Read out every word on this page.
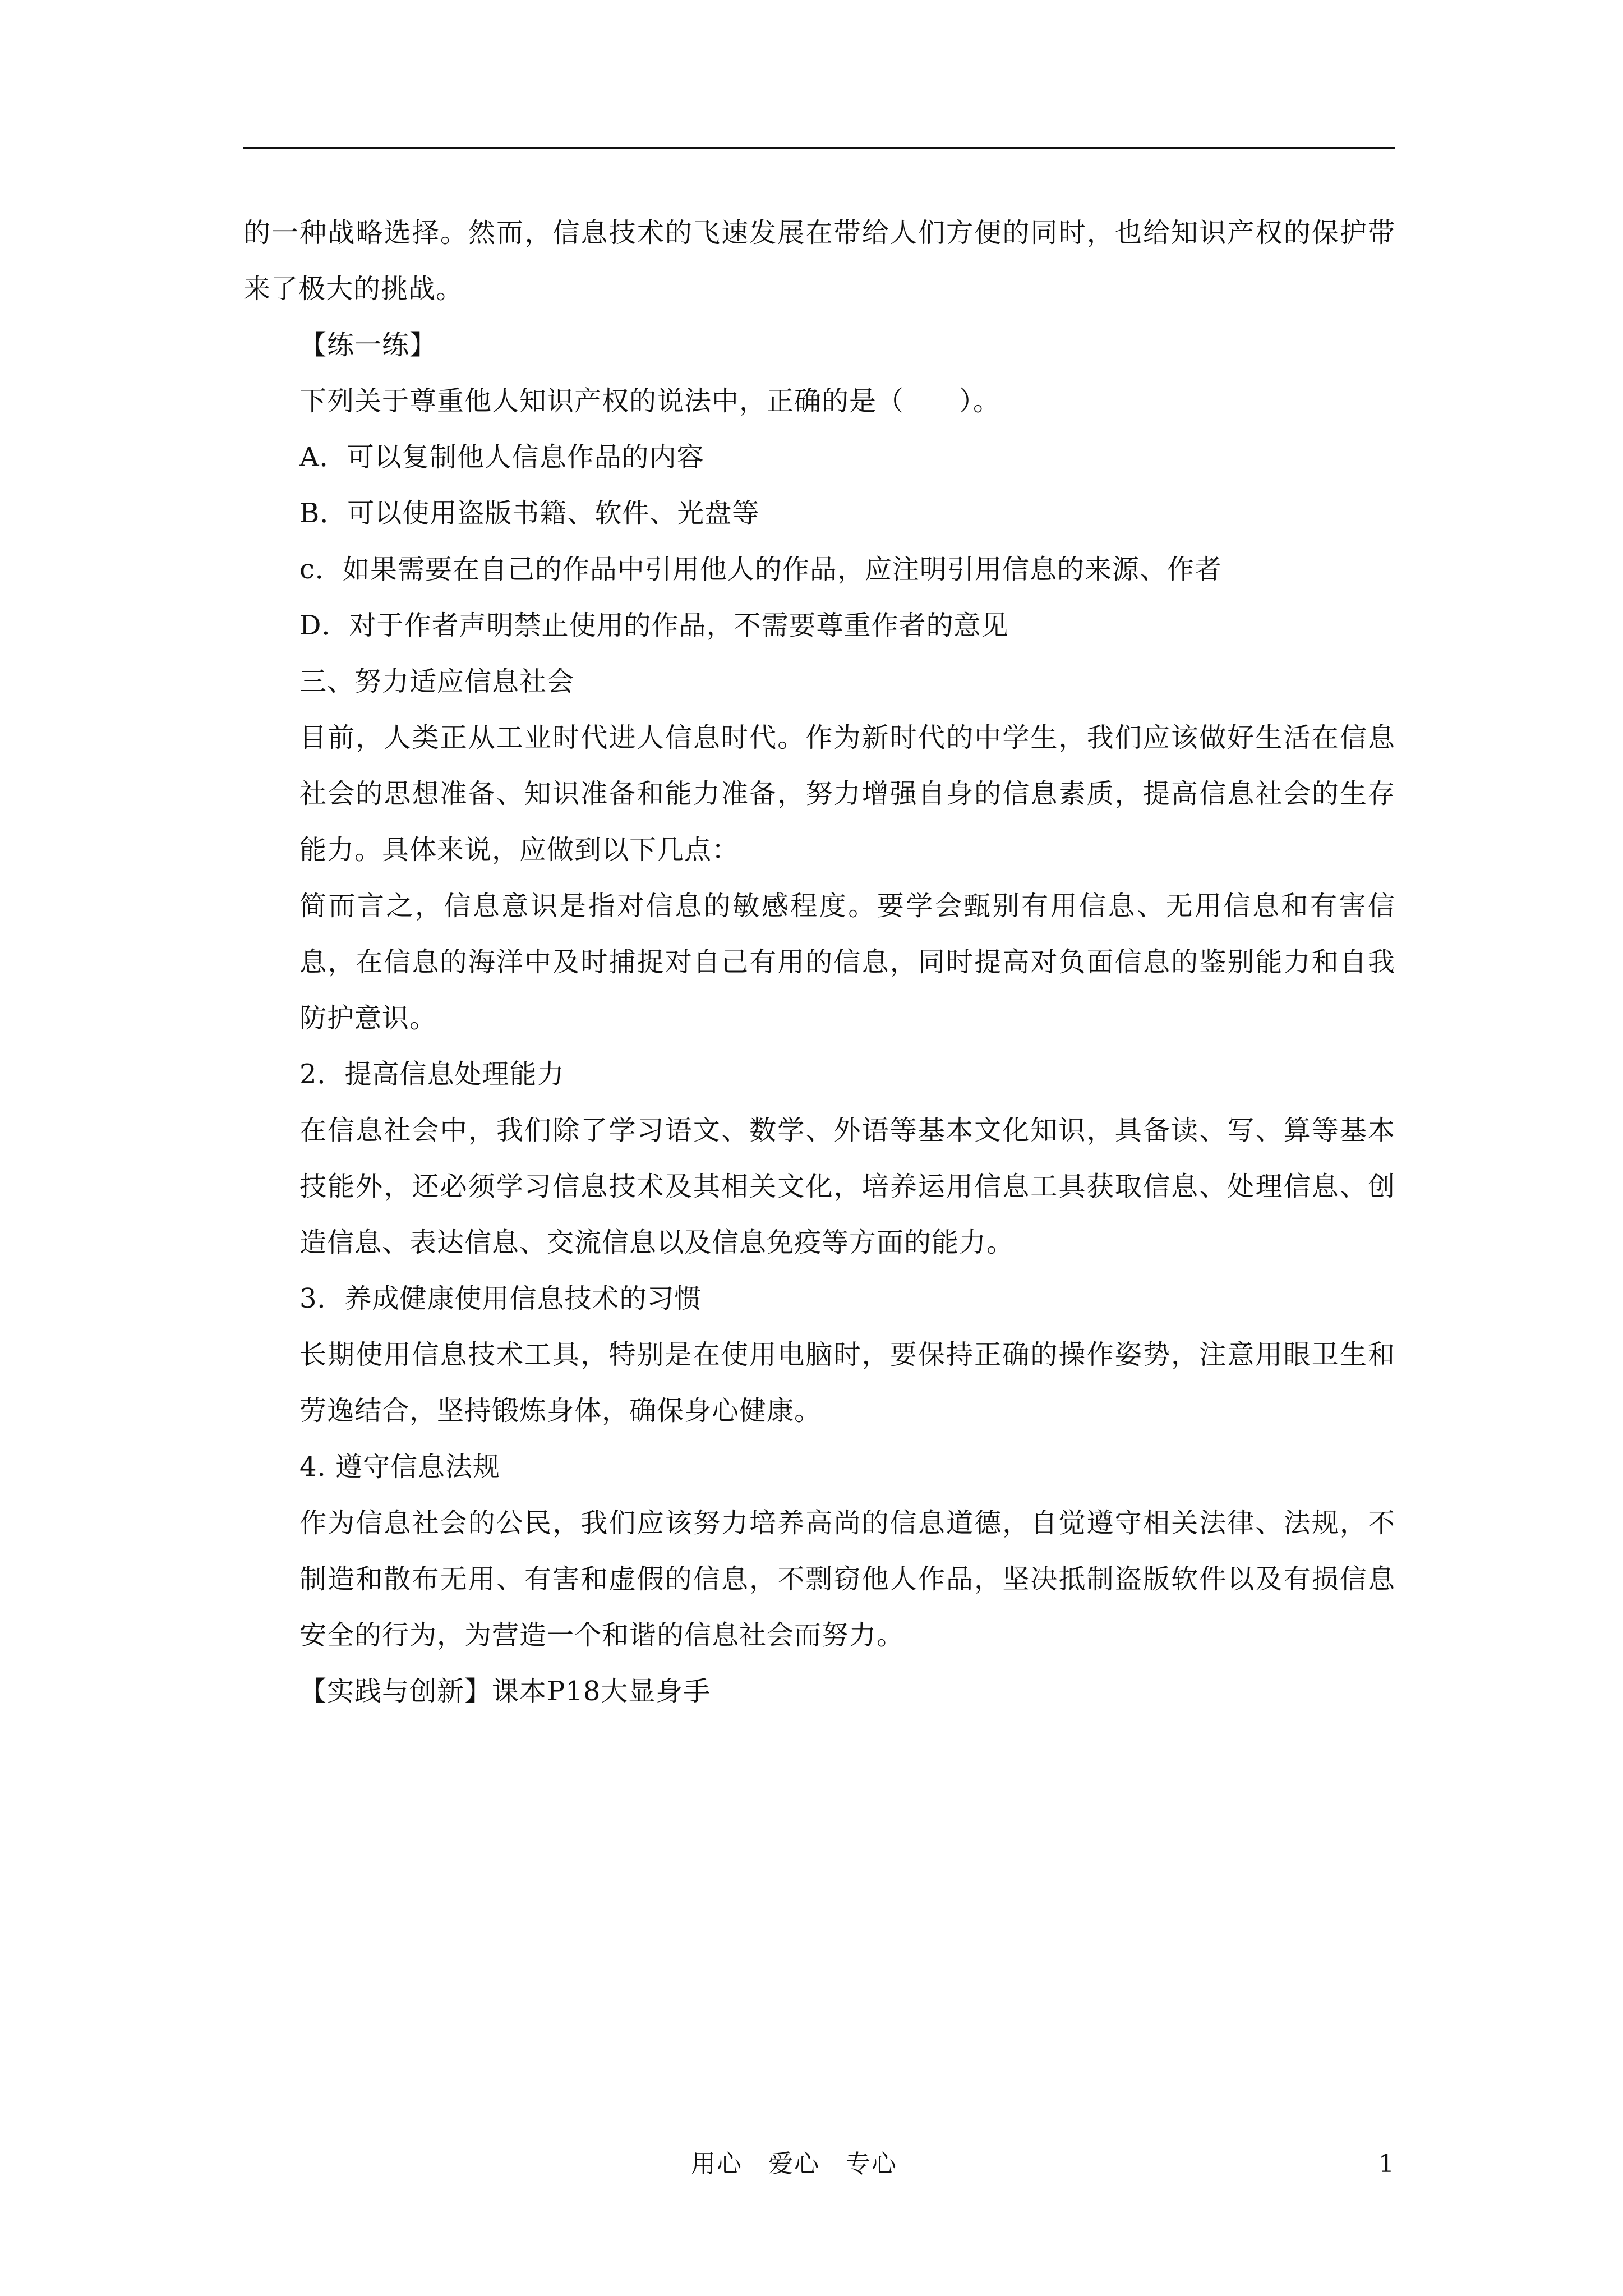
的一种战略选择。然而，信息技术的飞速发展在带给人们方便的同时，也给知识产权的保护带来了极大的挑战。

【练一练】

下列关于尊重他人知识产权的说法中，正确的是（　　）。

A．可以复制他人信息作品的内容

B．可以使用盗版书籍、软件、光盘等

c．如果需要在自己的作品中引用他人的作品，应注明引用信息的来源、作者

D．对于作者声明禁止使用的作品，不需要尊重作者的意见

三、努力适应信息社会

目前，人类正从工业时代进人信息时代。作为新时代的中学生，我们应该做好生活在信息社会的思想准备、知识准备和能力准备，努力增强自身的信息素质，提高信息社会的生存能力。具体来说，应做到以下几点：

简而言之，信息意识是指对信息的敏感程度。要学会甄别有用信息、无用信息和有害信息，在信息的海洋中及时捕捉对自己有用的信息，同时提高对负面信息的鉴别能力和自我防护意识。

2．提高信息处理能力

在信息社会中，我们除了学习语文、数学、外语等基本文化知识，具备读、写、算等基本技能外，还必须学习信息技术及其相关文化，培养运用信息工具获取信息、处理信息、创造信息、表达信息、交流信息以及信息免疫等方面的能力。

3．养成健康使用信息技术的习惯

长期使用信息技术工具，特别是在使用电脑时，要保持正确的操作姿势，注意用眼卫生和劳逸结合，坚持锻炼身体，确保身心健康。

4. 遵守信息法规

作为信息社会的公民，我们应该努力培养高尚的信息道德，自觉遵守相关法律、法规，不制造和散布无用、有害和虚假的信息，不剽窃他人作品，坚决抵制盗版软件以及有损信息安全的行为，为营造一个和谐的信息社会而努力。

【实践与创新】课本P18大显身手

用心　爱心　专心	1
